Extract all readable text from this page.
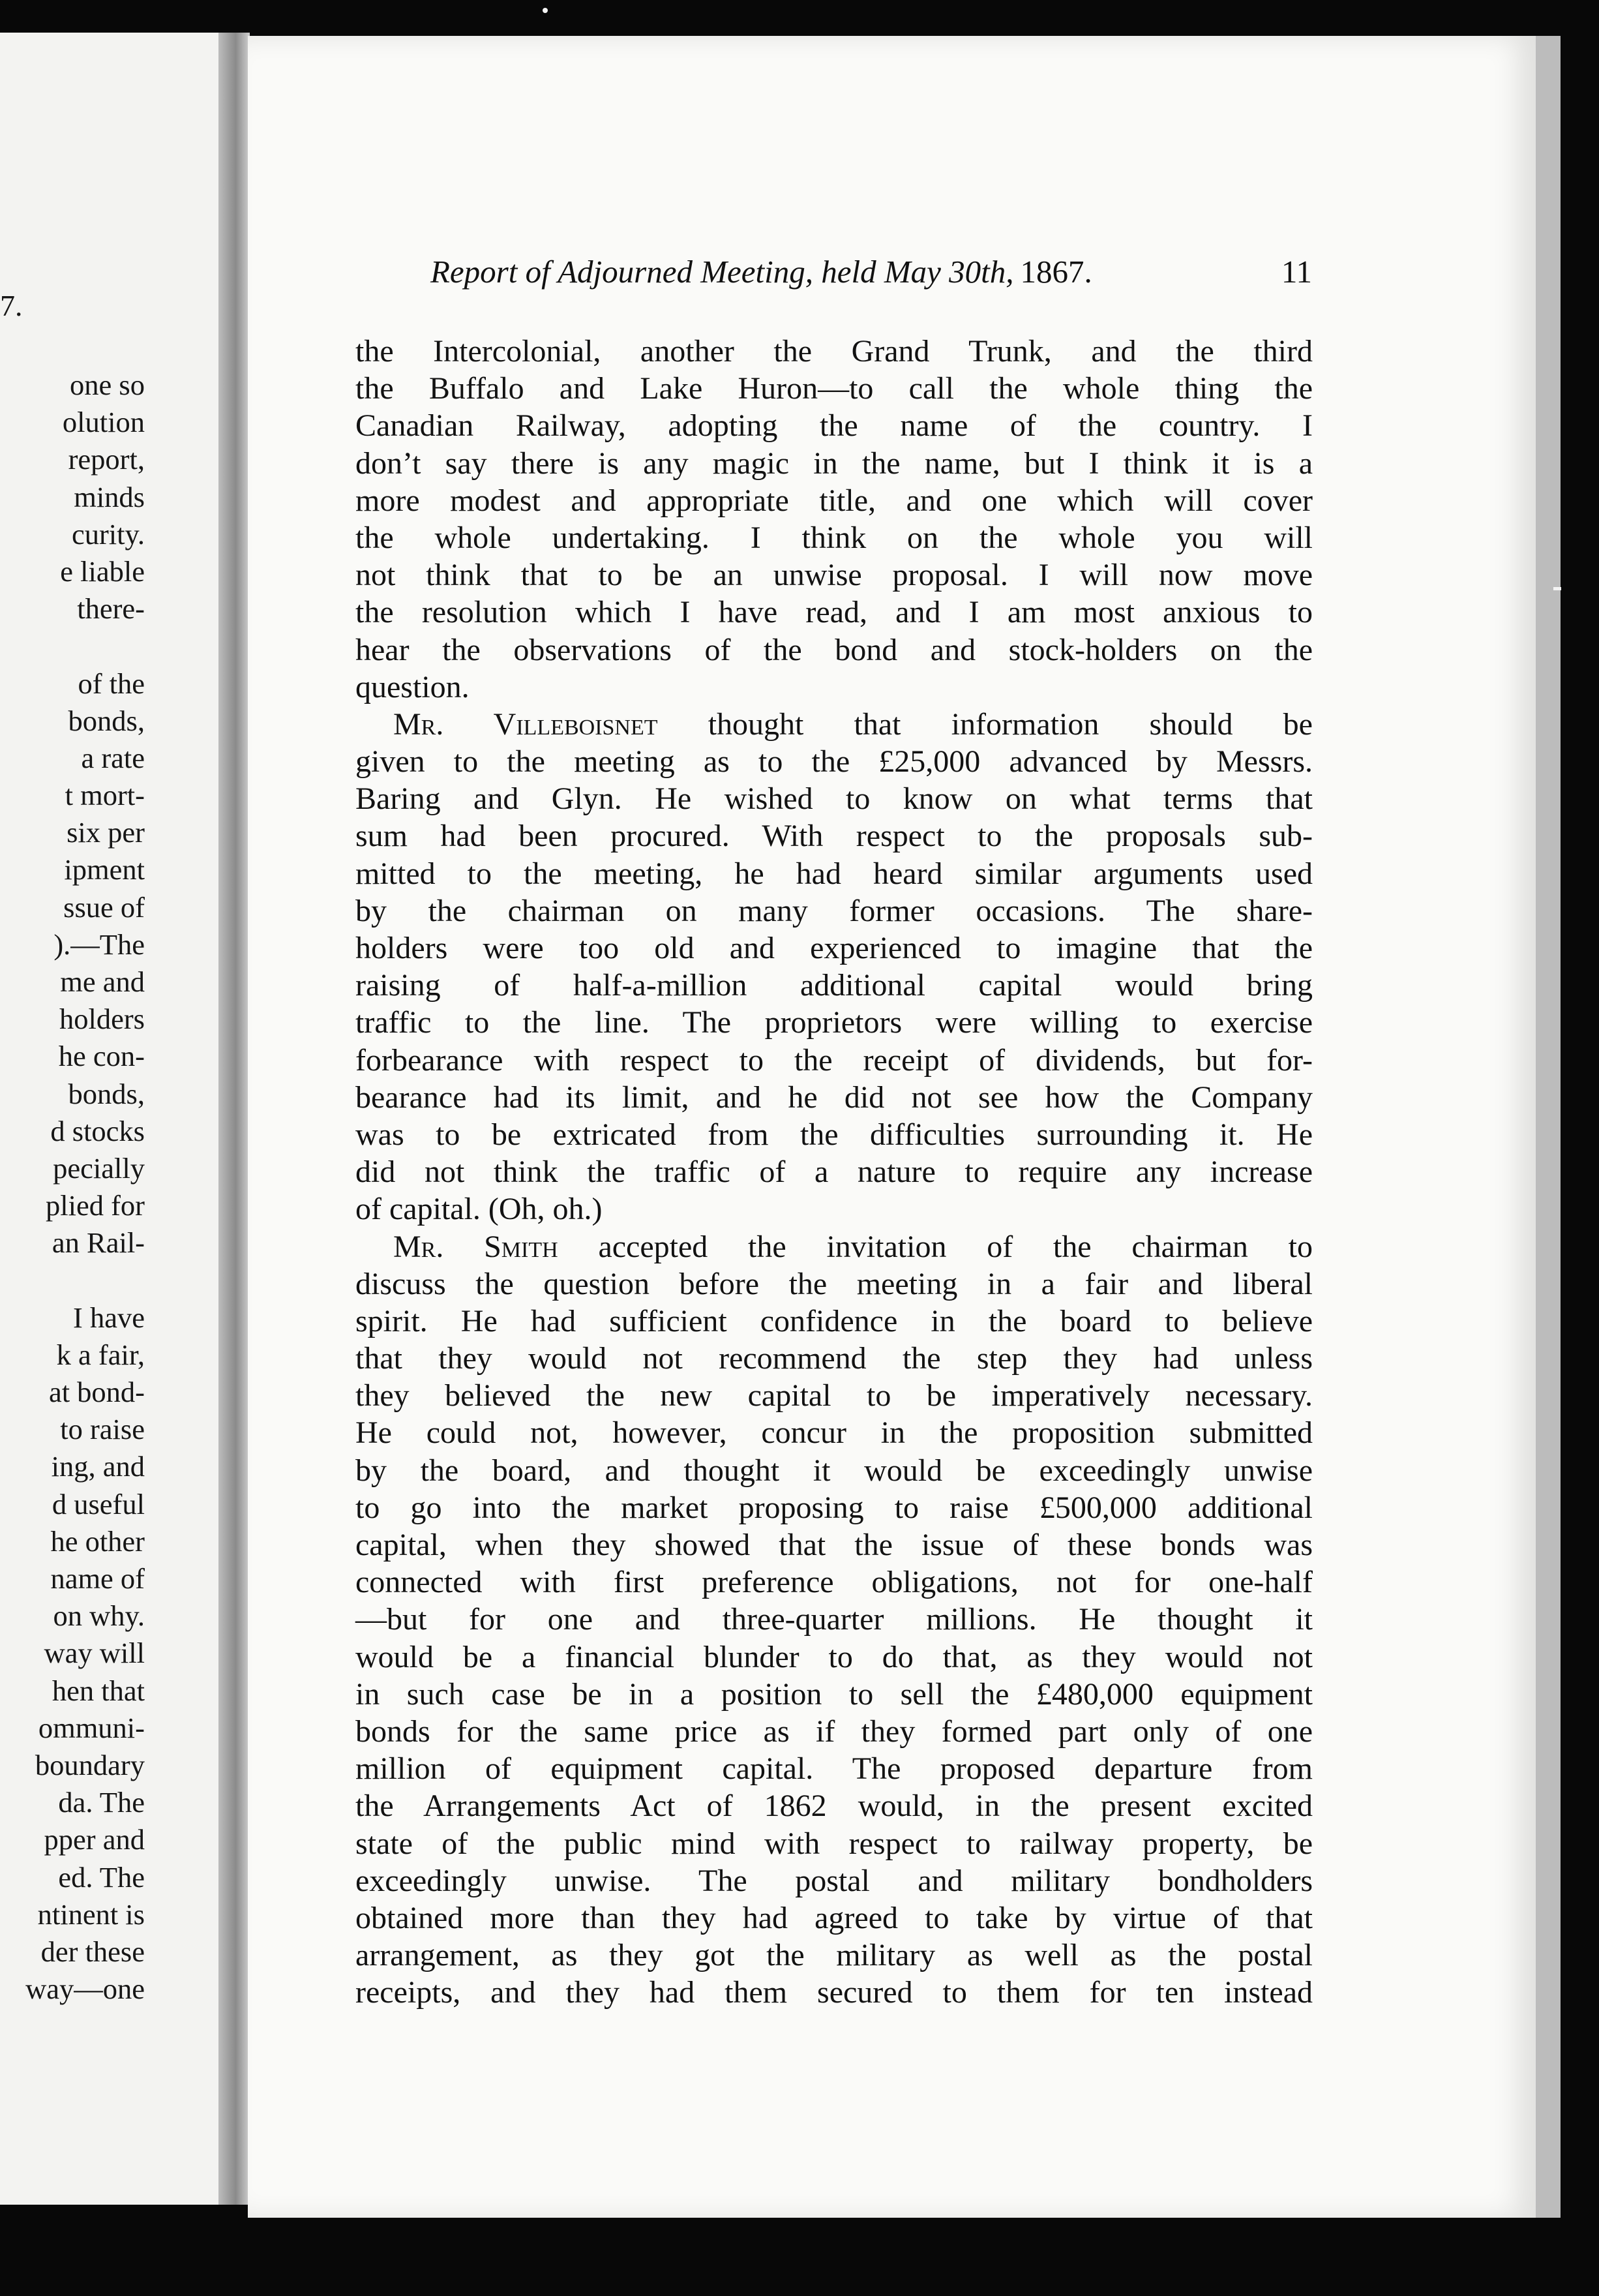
7.
one so
olution
report,
minds
curity.
e liable
there-
of the
bonds,
a rate
t mort-
six per
ipment
ssue of
).—The
me and
holders
he con-
bonds,
d stocks
pecially
plied for
an Rail-
I have
k a fair,
at bond-
to raise
ing, and
d useful
he other
name of
on why.
way will
hen that
ommuni-
boundary
da. The
pper and
ed. The
ntinent is
der these
way—one
Report of Adjourned Meeting, held May 30th, 1867.	11
the Intercolonial, another the Grand Trunk, and the third
the Buffalo and Lake Huron—to call the whole thing the
Canadian Railway, adopting the name of the country. I
don’t say there is any magic in the name, but I think it is a
more modest and appropriate title, and one which will cover
the whole undertaking. I think on the whole you will
not think that to be an unwise proposal. I will now move
the resolution which I have read, and I am most anxious to
hear the observations of the bond and stock-holders on the
question.
Mr. Villeboisnet thought that information should be
given to the meeting as to the £25,000 advanced by Messrs.
Baring and Glyn. He wished to know on what terms that
sum had been procured. With respect to the proposals sub-
mitted to the meeting, he had heard similar arguments used
by the chairman on many former occasions. The share-
holders were too old and experienced to imagine that the
raising of half-a-million additional capital would bring
traffic to the line. The proprietors were willing to exercise
forbearance with respect to the receipt of dividends, but for-
bearance had its limit, and he did not see how the Company
was to be extricated from the difficulties surrounding it. He
did not think the traffic of a nature to require any increase
of capital. (Oh, oh.)
Mr. Smith accepted the invitation of the chairman to
discuss the question before the meeting in a fair and liberal
spirit. He had sufficient confidence in the board to believe
that they would not recommend the step they had unless
they believed the new capital to be imperatively necessary.
He could not, however, concur in the proposition submitted
by the board, and thought it would be exceedingly unwise
to go into the market proposing to raise £500,000 additional
capital, when they showed that the issue of these bonds was
connected with first preference obligations, not for one-half
—but for one and three-quarter millions. He thought it
would be a financial blunder to do that, as they would not
in such case be in a position to sell the £480,000 equipment
bonds for the same price as if they formed part only of one
million of equipment capital. The proposed departure from
the Arrangements Act of 1862 would, in the present excited
state of the public mind with respect to railway property, be
exceedingly unwise. The postal and military bondholders
obtained more than they had agreed to take by virtue of that
arrangement, as they got the military as well as the postal
receipts, and they had them secured to them for ten instead
